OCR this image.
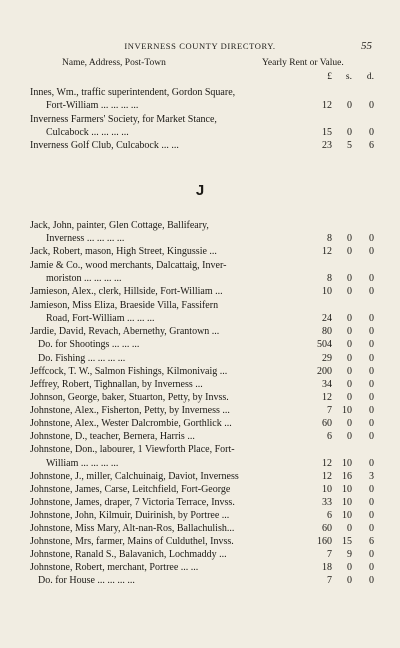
INVERNESS COUNTY DIRECTORY.	55
Name, Address, Post-Town	Yearly Rent or Value.
£	s.	d.
J
Innes, Wm., traffic superintendent, Gordon Square,
Fort-William ... ... ... ...	12	0	0
Inverness Farmers' Society, for Market Stance,
Culcabock ... ... ... ...	15	0	0
Inverness Golf Club, Culcabock ... ...	23	5	6
Jack, John, painter, Glen Cottage, Ballifeary,
Inverness ... ... ... ...	8	0	0
Jack, Robert, mason, High Street, Kingussie ...	12	0	0
Jamie & Co., wood merchants, Dalcattaig, Inver-
moriston ... ... ... ...	8	0	0
Jamieson, Alex., clerk, Hillside, Fort-William ...	10	0	0
Jamieson, Miss Eliza, Braeside Villa, Fassifern
Road, Fort-William ... ... ...	24	0	0
Jardie, David, Revach, Abernethy, Grantown ...	80	0	0
Do. for Shootings ... ... ...	504	0	0
Do. Fishing ... ... ... ...	29	0	0
Jeffcock, T. W., Salmon Fishings, Kilmonivaig ...	200	0	0
Jeffrey, Robert, Tighnallan, by Inverness ...	34	0	0
Johnson, George, baker, Stuarton, Petty, by Invss.	12	0	0
Johnstone, Alex., Fisherton, Petty, by Inverness ...	7	10	0
Johnstone, Alex., Wester Dalcrombie, Gorthlick ...	60	0	0
Johnstone, D., teacher, Bernera, Harris ...	6	0	0
Johnstone, Don., labourer, 1 Viewforth Place, Fort-
William ... ... ... ...	12	10	0
Johnstone, J., miller, Calchuinaig, Daviot, Inverness	12	16	3
Johnstone, James, Carse, Leitchfield, Fort-George	10	10	0
Johnstone, James, draper, 7 Victoria Terrace, Invss.	33	10	0
Johnstone, John, Kilmuir, Duirinish, by Portree ...	6	10	0
Johnstone, Miss Mary, Alt-nan-Ros, Ballachulish...	60	0	0
Johnstone, Mrs, farmer, Mains of Culduthel, Invss.	160	15	6
Johnstone, Ranald S., Balavanich, Lochmaddy ...	7	9	0
Johnstone, Robert, merchant, Portree ... ...	18	0	0
Do. for House ... ... ... ...	7	0	0
